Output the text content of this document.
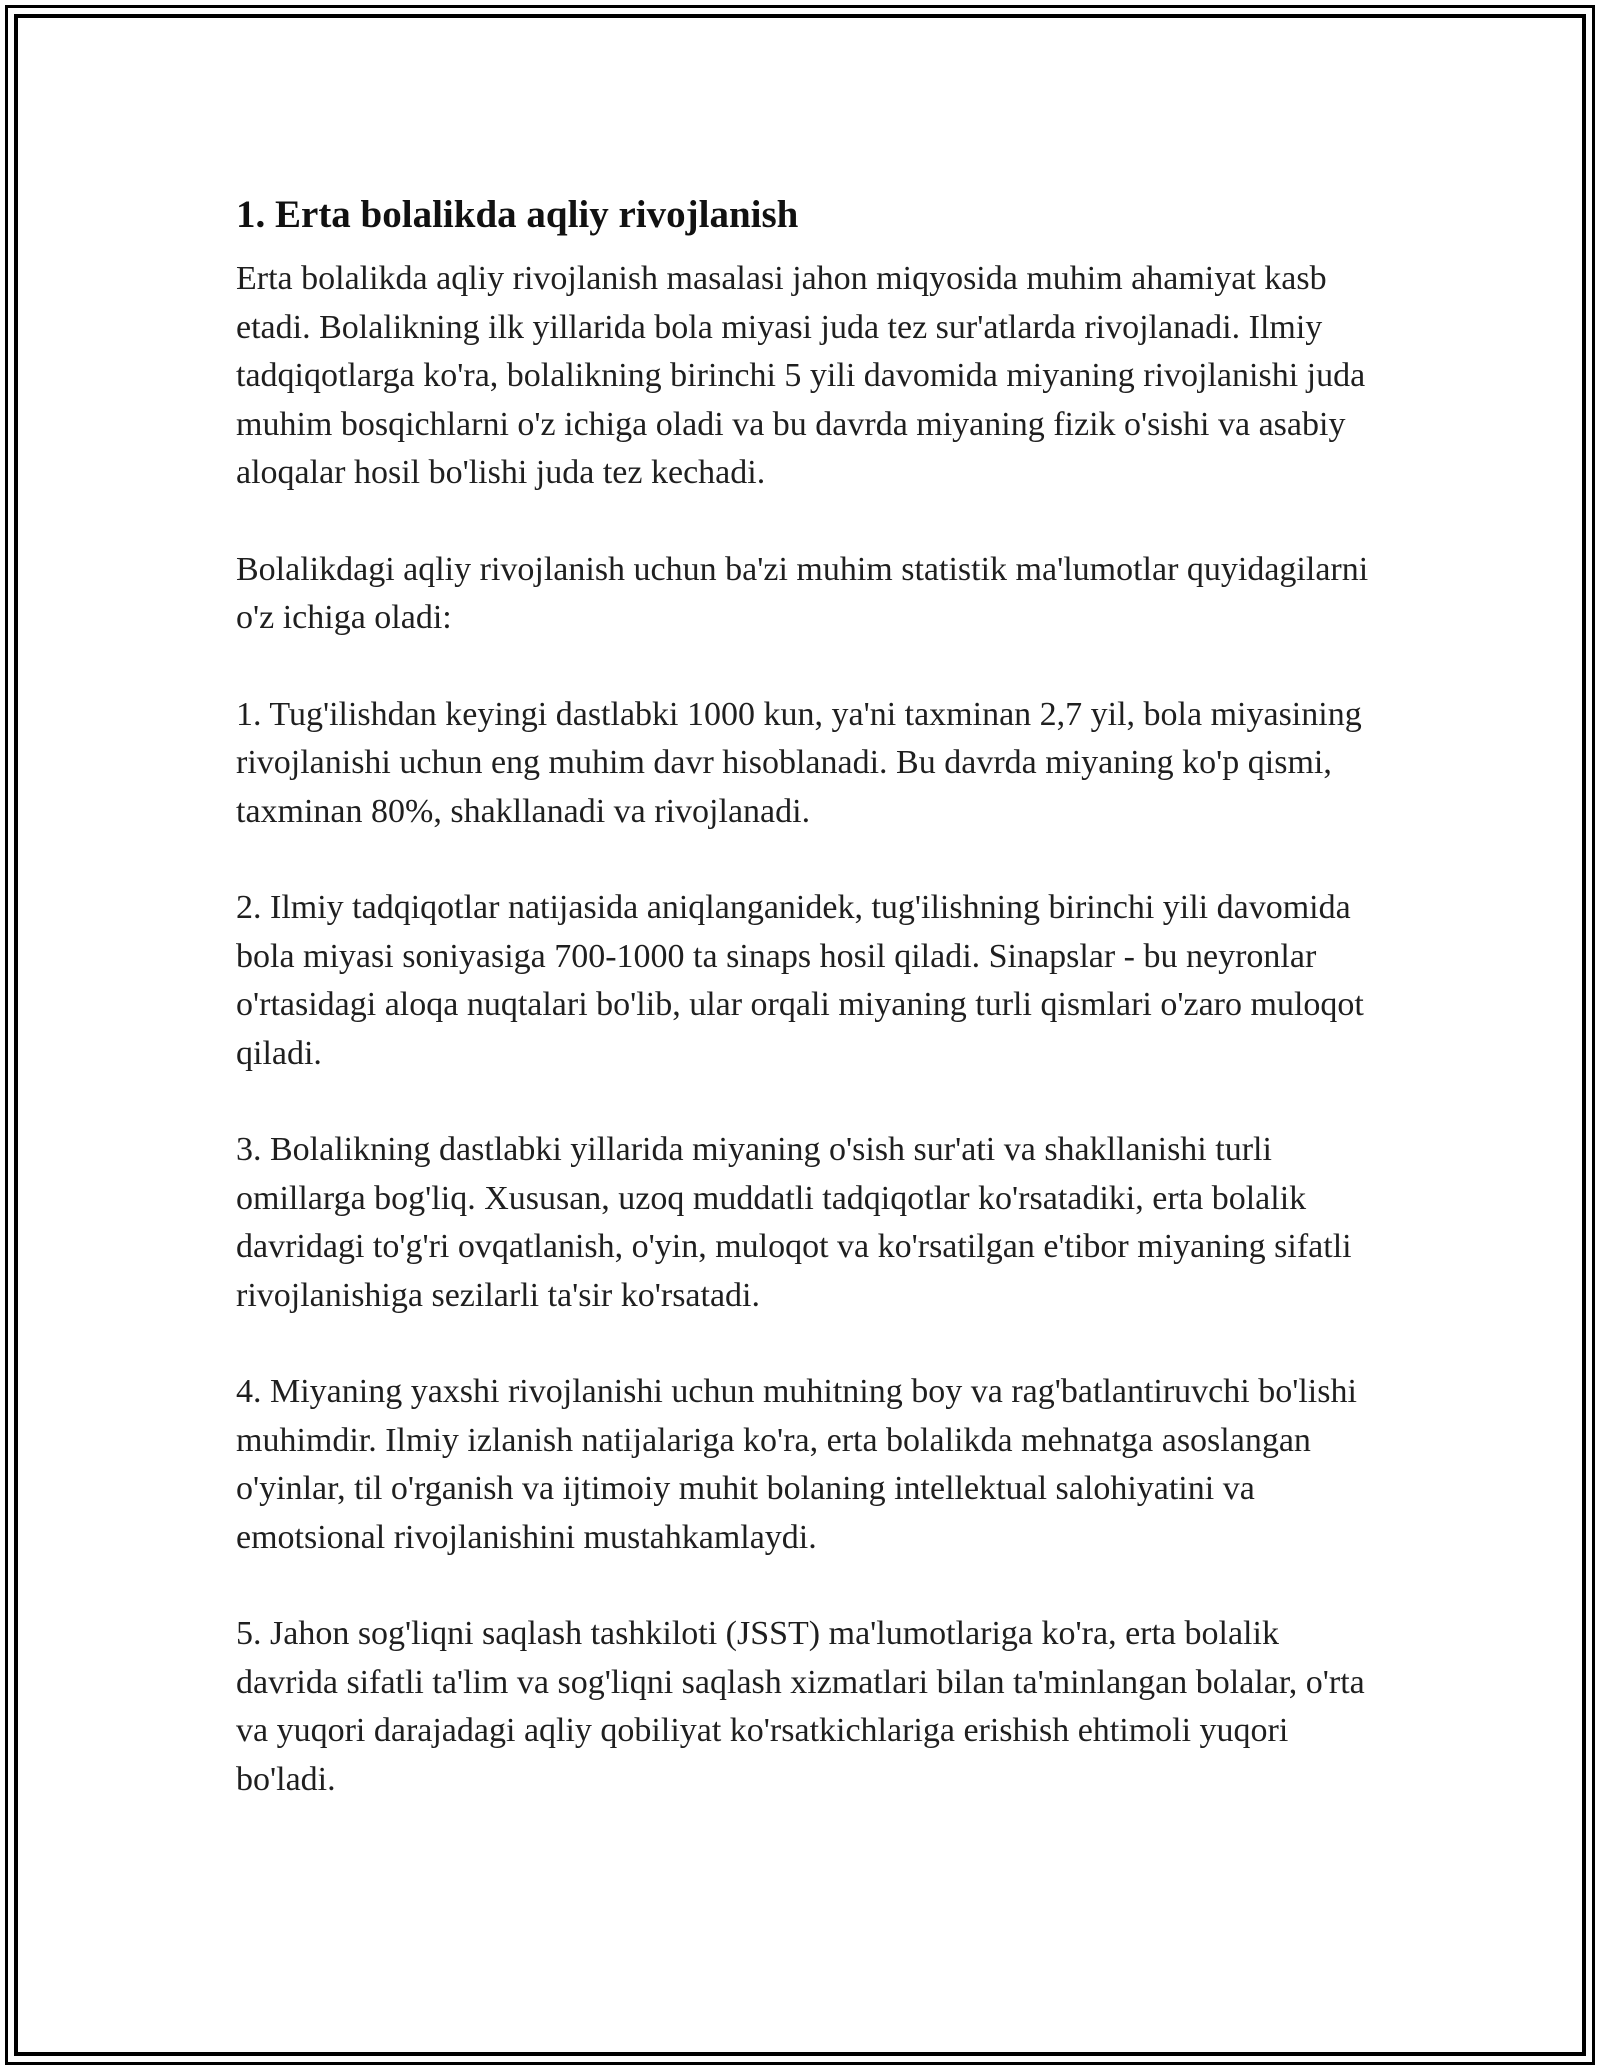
1. Erta bolalikda aqliy rivojlanish

Erta bolalikda aqliy rivojlanish masalasi jahon miqyosida muhim ahamiyat kasb etadi. Bolalikning ilk yillarida bola miyasi juda tez sur'atlarda rivojlanadi. Ilmiy tadqiqotlarga ko'ra, bolalikning birinchi 5 yili davomida miyaning rivojlanishi juda muhim bosqichlarni o'z ichiga oladi va bu davrda miyaning fizik o'sishi va asabiy aloqalar hosil bo'lishi juda tez kechadi.

Bolalikdagi aqliy rivojlanish uchun ba'zi muhim statistik ma'lumotlar quyidagilarni o'z ichiga oladi:

1. Tug'ilishdan keyingi dastlabki 1000 kun, ya'ni taxminan 2,7 yil, bola miyasining rivojlanishi uchun eng muhim davr hisoblanadi. Bu davrda miyaning ko'p qismi, taxminan 80%, shakllanadi va rivojlanadi.

2. Ilmiy tadqiqotlar natijasida aniqlanganidek, tug'ilishning birinchi yili davomida bola miyasi soniyasiga 700-1000 ta sinaps hosil qiladi. Sinapslar - bu neyronlar o'rtasidagi aloqa nuqtalari bo'lib, ular orqali miyaning turli qismlari o'zaro muloqot qiladi.

3. Bolalikning dastlabki yillarida miyaning o'sish sur'ati va shakllanishi turli omillarga bog'liq. Xususan, uzoq muddatli tadqiqotlar ko'rsatadiki, erta bolalik davridagi to'g'ri ovqatlanish, o'yin, muloqot va ko'rsatilgan e'tibor miyaning sifatli rivojlanishiga sezilarli ta'sir ko'rsatadi.

4. Miyaning yaxshi rivojlanishi uchun muhitning boy va rag'batlantiruvchi bo'lishi muhimdir. Ilmiy izlanish natijalariga ko'ra, erta bolalikda mehnatga asoslangan o'yinlar, til o'rganish va ijtimoiy muhit bolaning intellektual salohiyatini va emotsional rivojlanishini mustahkamlaydi.

5. Jahon sog'liqni saqlash tashkiloti (JSST) ma'lumotlariga ko'ra, erta bolalik davrida sifatli ta'lim va sog'liqni saqlash xizmatlari bilan ta'minlangan bolalar, o'rta va yuqori darajadagi aqliy qobiliyat ko'rsatkichlariga erishish ehtimoli yuqori bo'ladi.
